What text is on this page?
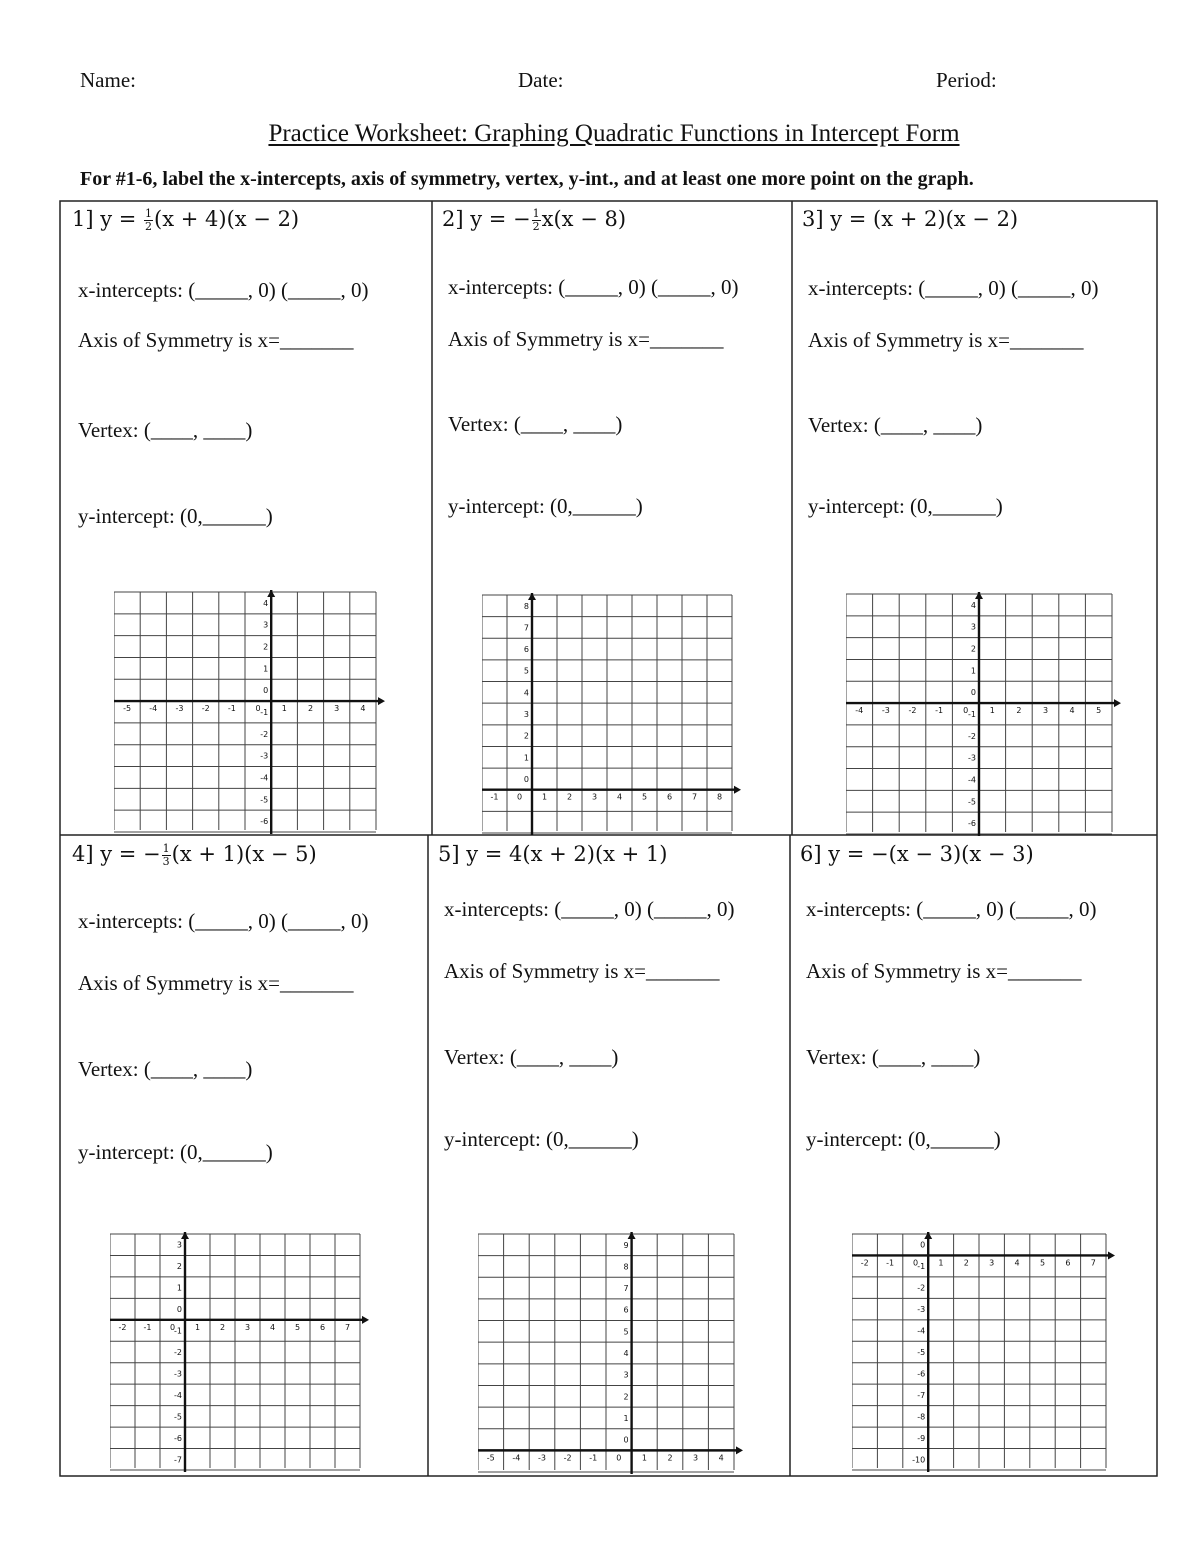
Name:	Date:	Period:
Practice Worksheet: Graphing Quadratic Functions in Intercept Form
For #1-6, label the x-intercepts, axis of symmetry, vertex, y-int., and at least one more point on the graph.
1] $y = \frac{1}{2} (x + 4)(x - 2)$
x-intercepts: (_____, 0) (_____, 0)
Axis of Symmetry is x=_______
Vertex: (____, ____)
y-intercept: (0,______)
-5 -4 -3 -2 -1 0	1	2	3	4
4
3
2
1
0
-1
-2
-3
-4
-5
-6
2] y = − $\frac{1}{2} x(x - 8)$
x-intercepts: (_____, 0) (_____, 0)
Axis of Symmetry is x=_______
Vertex: (____, ____)
y-intercept: (0,______)
-1 0 1 2 3 4 5 6 7 8
8
7
6
5
4
3
2
1
0
3] y = (x + 2)(x − 2)
x-intercepts: (_____, 0) (_____, 0)
Axis of Symmetry is x=_______
Vertex: (____, ____)
y-intercept: (0,______)
-4 -3 -2 -1	0	1	2	3	4	5
4
3
2
1
0
-1
-2
-3
-4
-5
-6
4] y = − $\frac{1}{3} (x + 1)(x - 5)$
x-intercepts: (_____, 0) (_____, 0)
Axis of Symmetry is x=_______
Vertex: (____, ____)
y-intercept: (0,______)
-2 -1 0 1 2 3 4 5 6 7
3
2
1
0
-1
-2
-3
-4
-5
-6
-7
5] y = 4(x + 2)(x + 1)
x-intercepts: (_____, 0) (_____, 0)
Axis of Symmetry is x=_______
Vertex: (____, ____)
y-intercept: (0,______)
-5 -4 -3 -2 -1 0	1	2	3	4
9
8
7
6
5
4
3
2
1
0
6] y = −(x − 3)(x − 3)
x-intercepts: (_____, 0) (_____, 0)
Axis of Symmetry is x=_______
Vertex: (____, ____)
y-intercept: (0,______)
-2 -1 0	1	2	3	4	5	6	7
0
-1
-2
-3
-4
-5
-6
-7
-8
-9
-10
